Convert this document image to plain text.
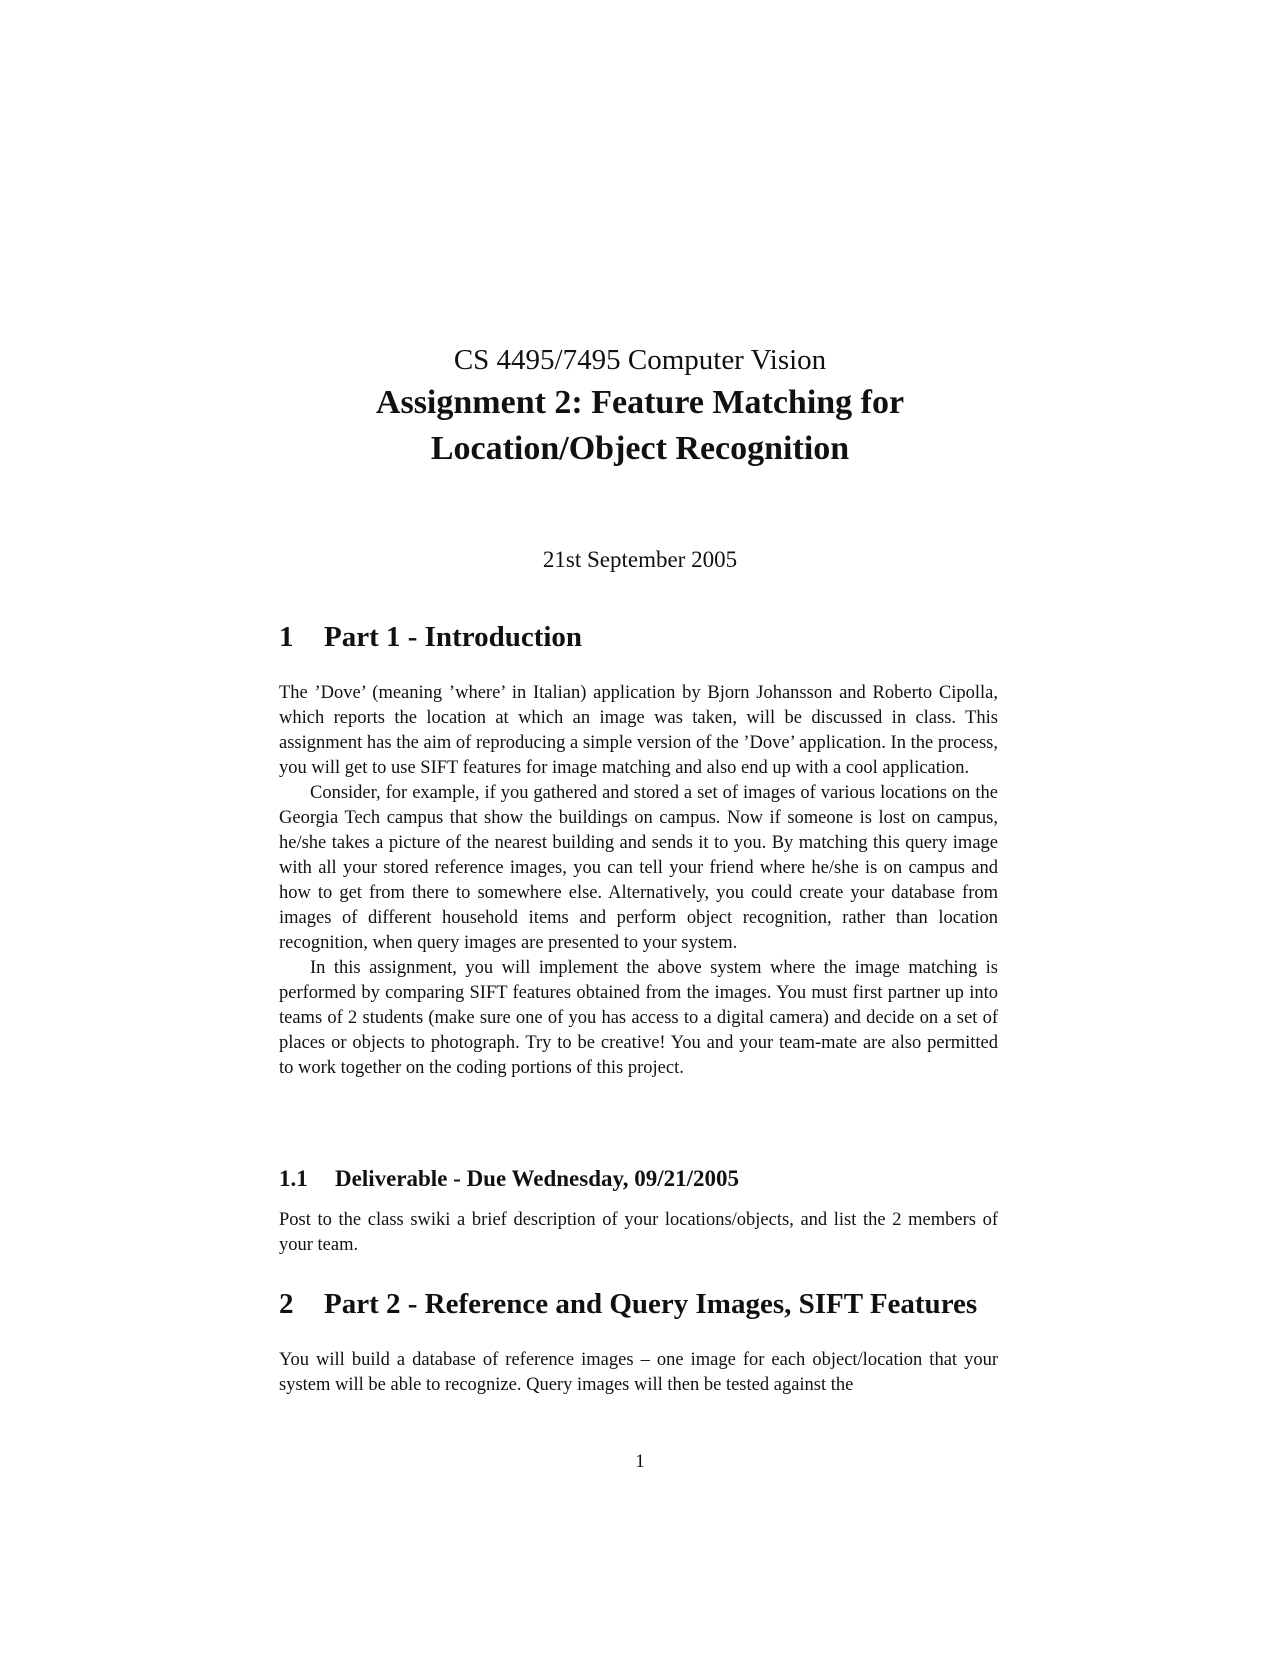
CS 4495/7495 Computer Vision
Assignment 2: Feature Matching for
Location/Object Recognition
21st September 2005
1 Part 1 - Introduction

The ’Dove’ (meaning ’where’ in Italian) application by Bjorn Johansson and Roberto Cipolla, which reports the location at which an image was taken, will be discussed in class. This assignment has the aim of reproducing a simple version of the ’Dove’ application. In the process, you will get to use SIFT features for image matching and also end up with a cool application.

Consider, for example, if you gathered and stored a set of images of various locations on the Georgia Tech campus that show the buildings on campus. Now if someone is lost on campus, he/she takes a picture of the nearest building and sends it to you. By matching this query image with all your stored reference images, you can tell your friend where he/she is on campus and how to get from there to somewhere else. Alternatively, you could create your database from images of different household items and perform object recognition, rather than location recognition, when query images are presented to your system.

In this assignment, you will implement the above system where the image matching is performed by comparing SIFT features obtained from the images. You must first partner up into teams of 2 students (make sure one of you has access to a digital camera) and decide on a set of places or objects to photograph. Try to be creative! You and your team-mate are also permitted to work together on the coding portions of this project.

1.1 Deliverable - Due Wednesday, 09/21/2005

Post to the class swiki a brief description of your locations/objects, and list the 2 members of your team.

2 Part 2 - Reference and Query Images, SIFT Features

You will build a database of reference images – one image for each object/location that your system will be able to recognize. Query images will then be tested against the

1
